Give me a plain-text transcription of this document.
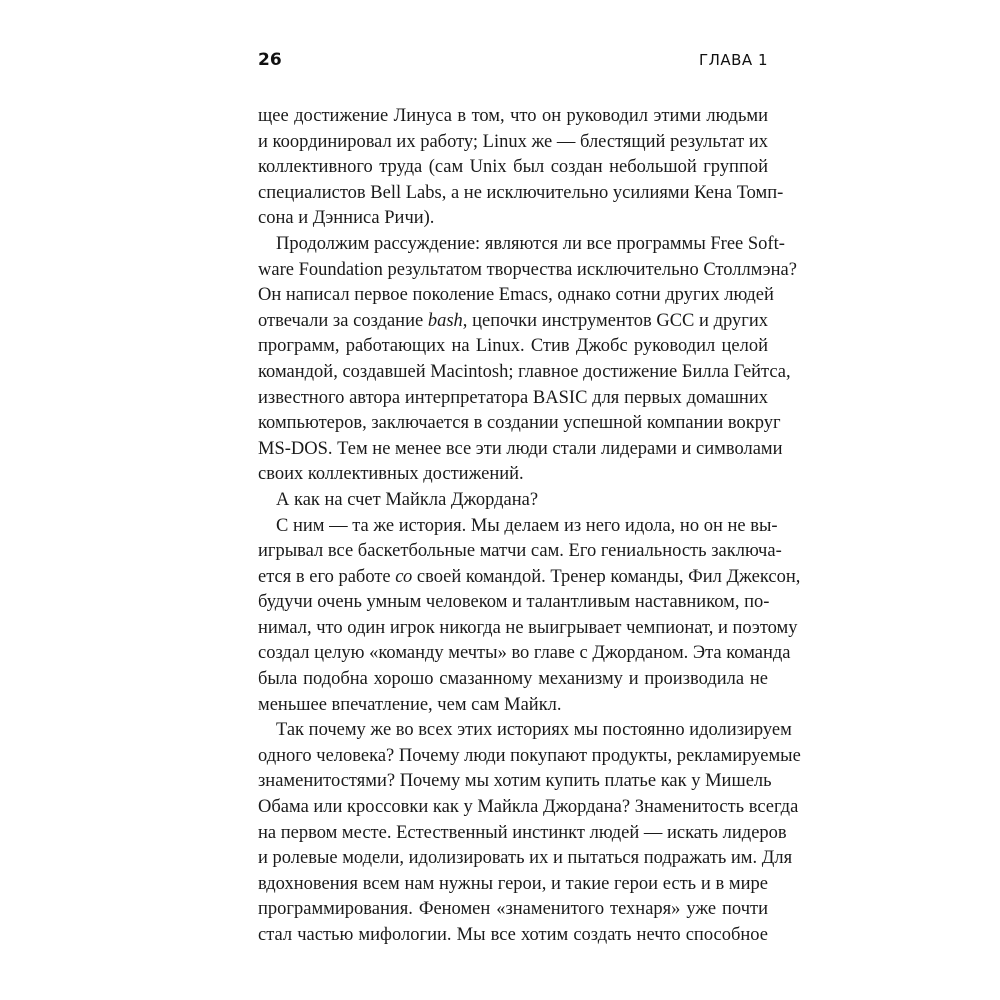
26	ГЛАВА 1
щее достижение Линуса в том, что он руководил этими людьми
и координировал их работу; Linux же — блестящий результат их
коллективного труда (сам Unix был создан небольшой группой
специалистов Bell Labs, а не исключительно усилиями Кена Томп-
сона и Дэнниса Ричи).
Продолжим рассуждение: являются ли все программы Free Soft-
ware Foundation результатом творчества исключительно Столлмэна?
Он написал первое поколение Emacs, однако сотни других людей
отвечали за создание bash, цепочки инструментов GCC и других
программ, работающих на Linux. Стив Джобс руководил целой
командой, создавшей Macintosh; главное достижение Билла Гейтса,
известного автора интерпретатора BASIC для первых домашних
компьютеров, заключается в создании успешной компании вокруг
MS-DOS. Тем не менее все эти люди стали лидерами и символами
своих коллективных достижений.
А как на счет Майкла Джордана?
С ним — та же история. Мы делаем из него идола, но он не вы-
игрывал все баскетбольные матчи сам. Его гениальность заключа-
ется в его работе со своей командой. Тренер команды, Фил Джексон,
будучи очень умным человеком и талантливым наставником, по-
нимал, что один игрок никогда не выигрывает чемпионат, и поэтому
создал целую «команду мечты» во главе с Джорданом. Эта команда
была подобна хорошо смазанному механизму и производила не
меньшее впечатление, чем сам Майкл.
Так почему же во всех этих историях мы постоянно идолизируем
одного человека? Почему люди покупают продукты, рекламируемые
знаменитостями? Почему мы хотим купить платье как у Мишель
Обама или кроссовки как у Майкла Джордана? Знаменитость всегда
на первом месте. Естественный инстинкт людей — искать лидеров
и ролевые модели, идолизировать их и пытаться подражать им. Для
вдохновения всем нам нужны герои, и такие герои есть и в мире
программирования. Феномен «знаменитого технаря» уже почти
стал частью мифологии. Мы все хотим создать нечто способное
